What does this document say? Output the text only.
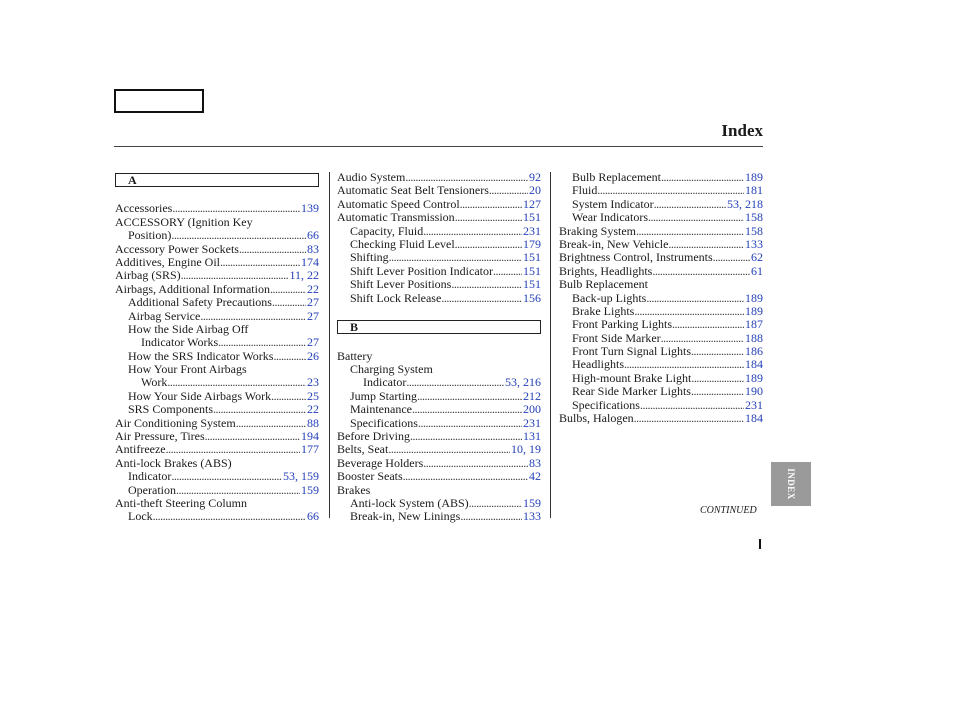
Index
A
Accessories .....	139
ACCESSORY (Ignition Key
Position) .....	66
Accessory Power Sockets .....	83
Additives, Engine Oil .....	174
Airbag (SRS) .....	11, 22
Airbags, Additional Information .....	22
Additional Safety Precautions .....	27
Airbag Service .....	27
How the Side Airbag Off
Indicator Works .....	27
How the SRS Indicator Works .....	26
How Your Front Airbags
Work .....	23
How Your Side Airbags Work .....	25
SRS Components .....	22
Air Conditioning System .....	88
Air Pressure, Tires .....	194
Antifreeze .....	177
Anti-lock Brakes (ABS)
Indicator .....	53, 159
Operation .....	159
Anti-theft Steering Column
Lock .....	66
Audio System .....	92
Automatic Seat Belt Tensioners .....	20
Automatic Speed Control .....	127
Automatic Transmission .....	151
Capacity, Fluid .....	231
Checking Fluid Level .....	179
Shifting .....	151
Shift Lever Position Indicator .....	151
Shift Lever Positions .....	151
Shift Lock Release .....	156
B
Battery
Charging System
Indicator .....	53, 216
Jump Starting .....	212
Maintenance .....	200
Specifications .....	231
Before Driving .....	131
Belts, Seat .....	10, 19
Beverage Holders .....	83
Booster Seats .....	42
Brakes
Anti-lock System (ABS) .....	159
Break-in, New Linings .....	133
Bulb Replacement .....	189
Fluid .....	181
System Indicator .....	53, 218
Wear Indicators .....	158
Braking System .....	158
Break-in, New Vehicle .....	133
Brightness Control, Instruments .....	62
Brights, Headlights .....	61
Bulb Replacement
Back-up Lights .....	189
Brake Lights .....	189
Front Parking Lights .....	187
Front Side Marker .....	188
Front Turn Signal Lights .....	186
Headlights .....	184
High-mount Brake Light .....	189
Rear Side Marker Lights .....	190
Specifications .....	231
Bulbs, Halogen .....	184
CONTINUED
INDEX
